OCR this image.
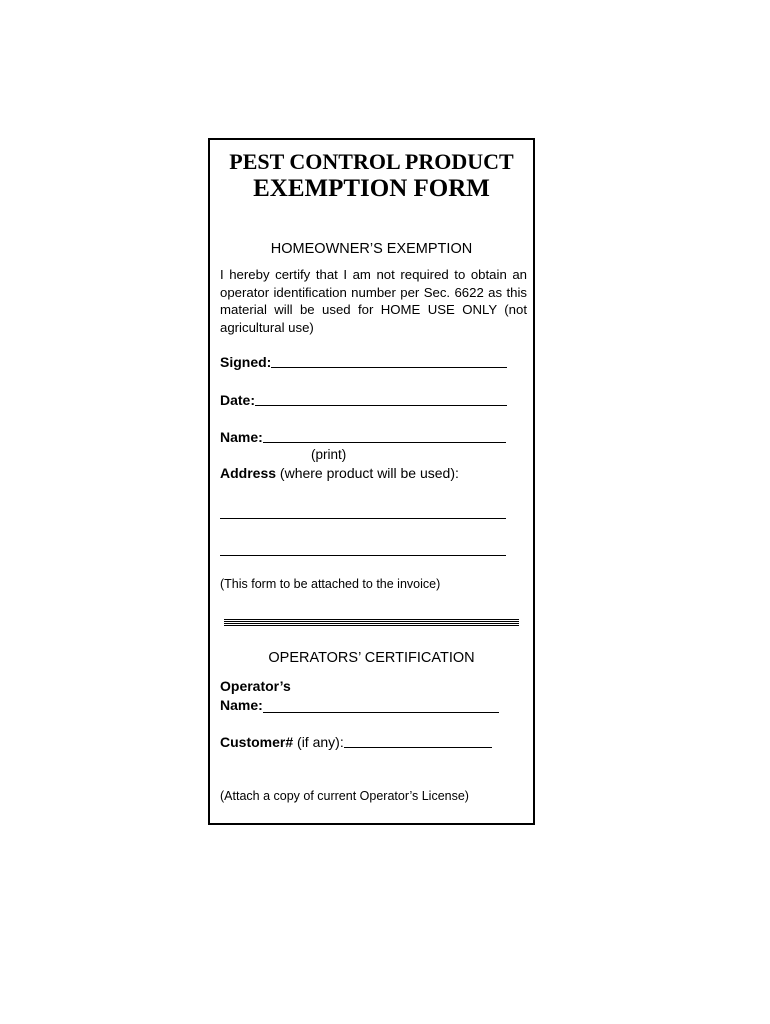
PEST CONTROL PRODUCT
EXEMPTION FORM
HOMEOWNER’S EXEMPTION
I hereby certify that I am not required to obtain an operator identification number per Sec. 6622 as this material will be used for HOME USE ONLY (not agricultural use)
Signed:
Date:
Name:
(print)
Address (where product will be used):
(This form to be attached to the invoice)
OPERATORS’ CERTIFICATION
Operator’s
Name:
Customer# (if any):
(Attach a copy of current Operator’s License)
